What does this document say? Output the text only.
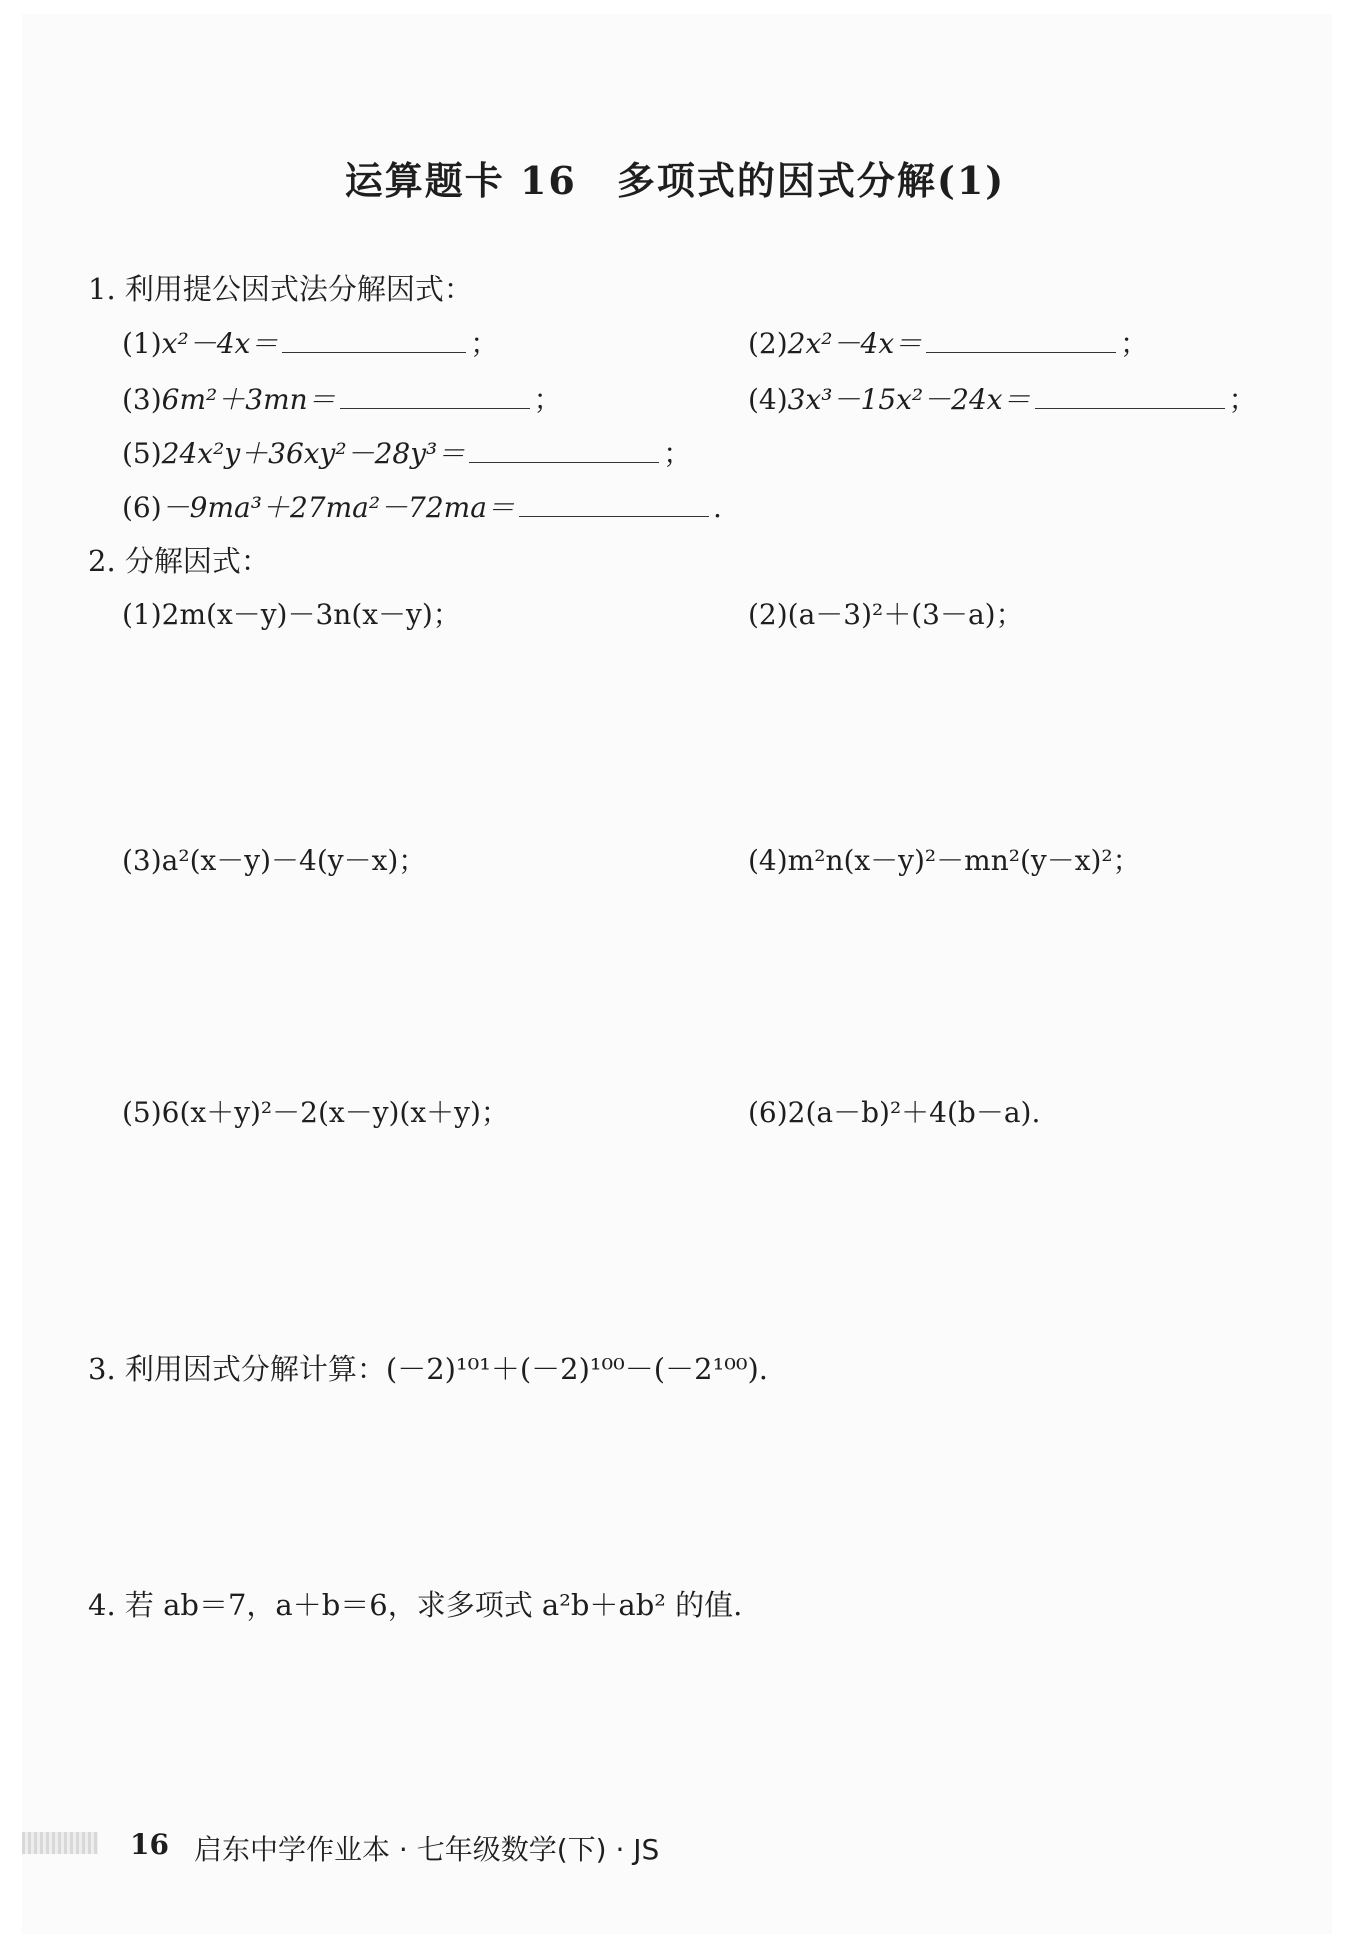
运算题卡 16　多项式的因式分解(1)
1. 利用提公因式法分解因式：
(1)x²－4x＝	；	(2)2x²－4x＝	；
(3)6m²＋3mn＝	；	(4)3x³－15x²－24x＝	；
(5)24x²y＋36xy²－28y³＝	；
(6)－9ma³＋27ma²－72ma＝	.
2. 分解因式：
(1)2m(x－y)－3n(x－y)；	(2)(a－3)²＋(3－a)；
(3)a²(x－y)－4(y－x)；	(4)m²n(x－y)²－mn²(y－x)²；
(5)6(x＋y)²－2(x－y)(x＋y)；	(6)2(a－b)²＋4(b－a).
3. 利用因式分解计算：(－2)¹⁰¹＋(－2)¹⁰⁰－(－2¹⁰⁰).
4. 若 ab＝7，a＋b＝6，求多项式 a²b＋ab² 的值.
16 启东中学作业本 · 七年级数学(下) · JS
